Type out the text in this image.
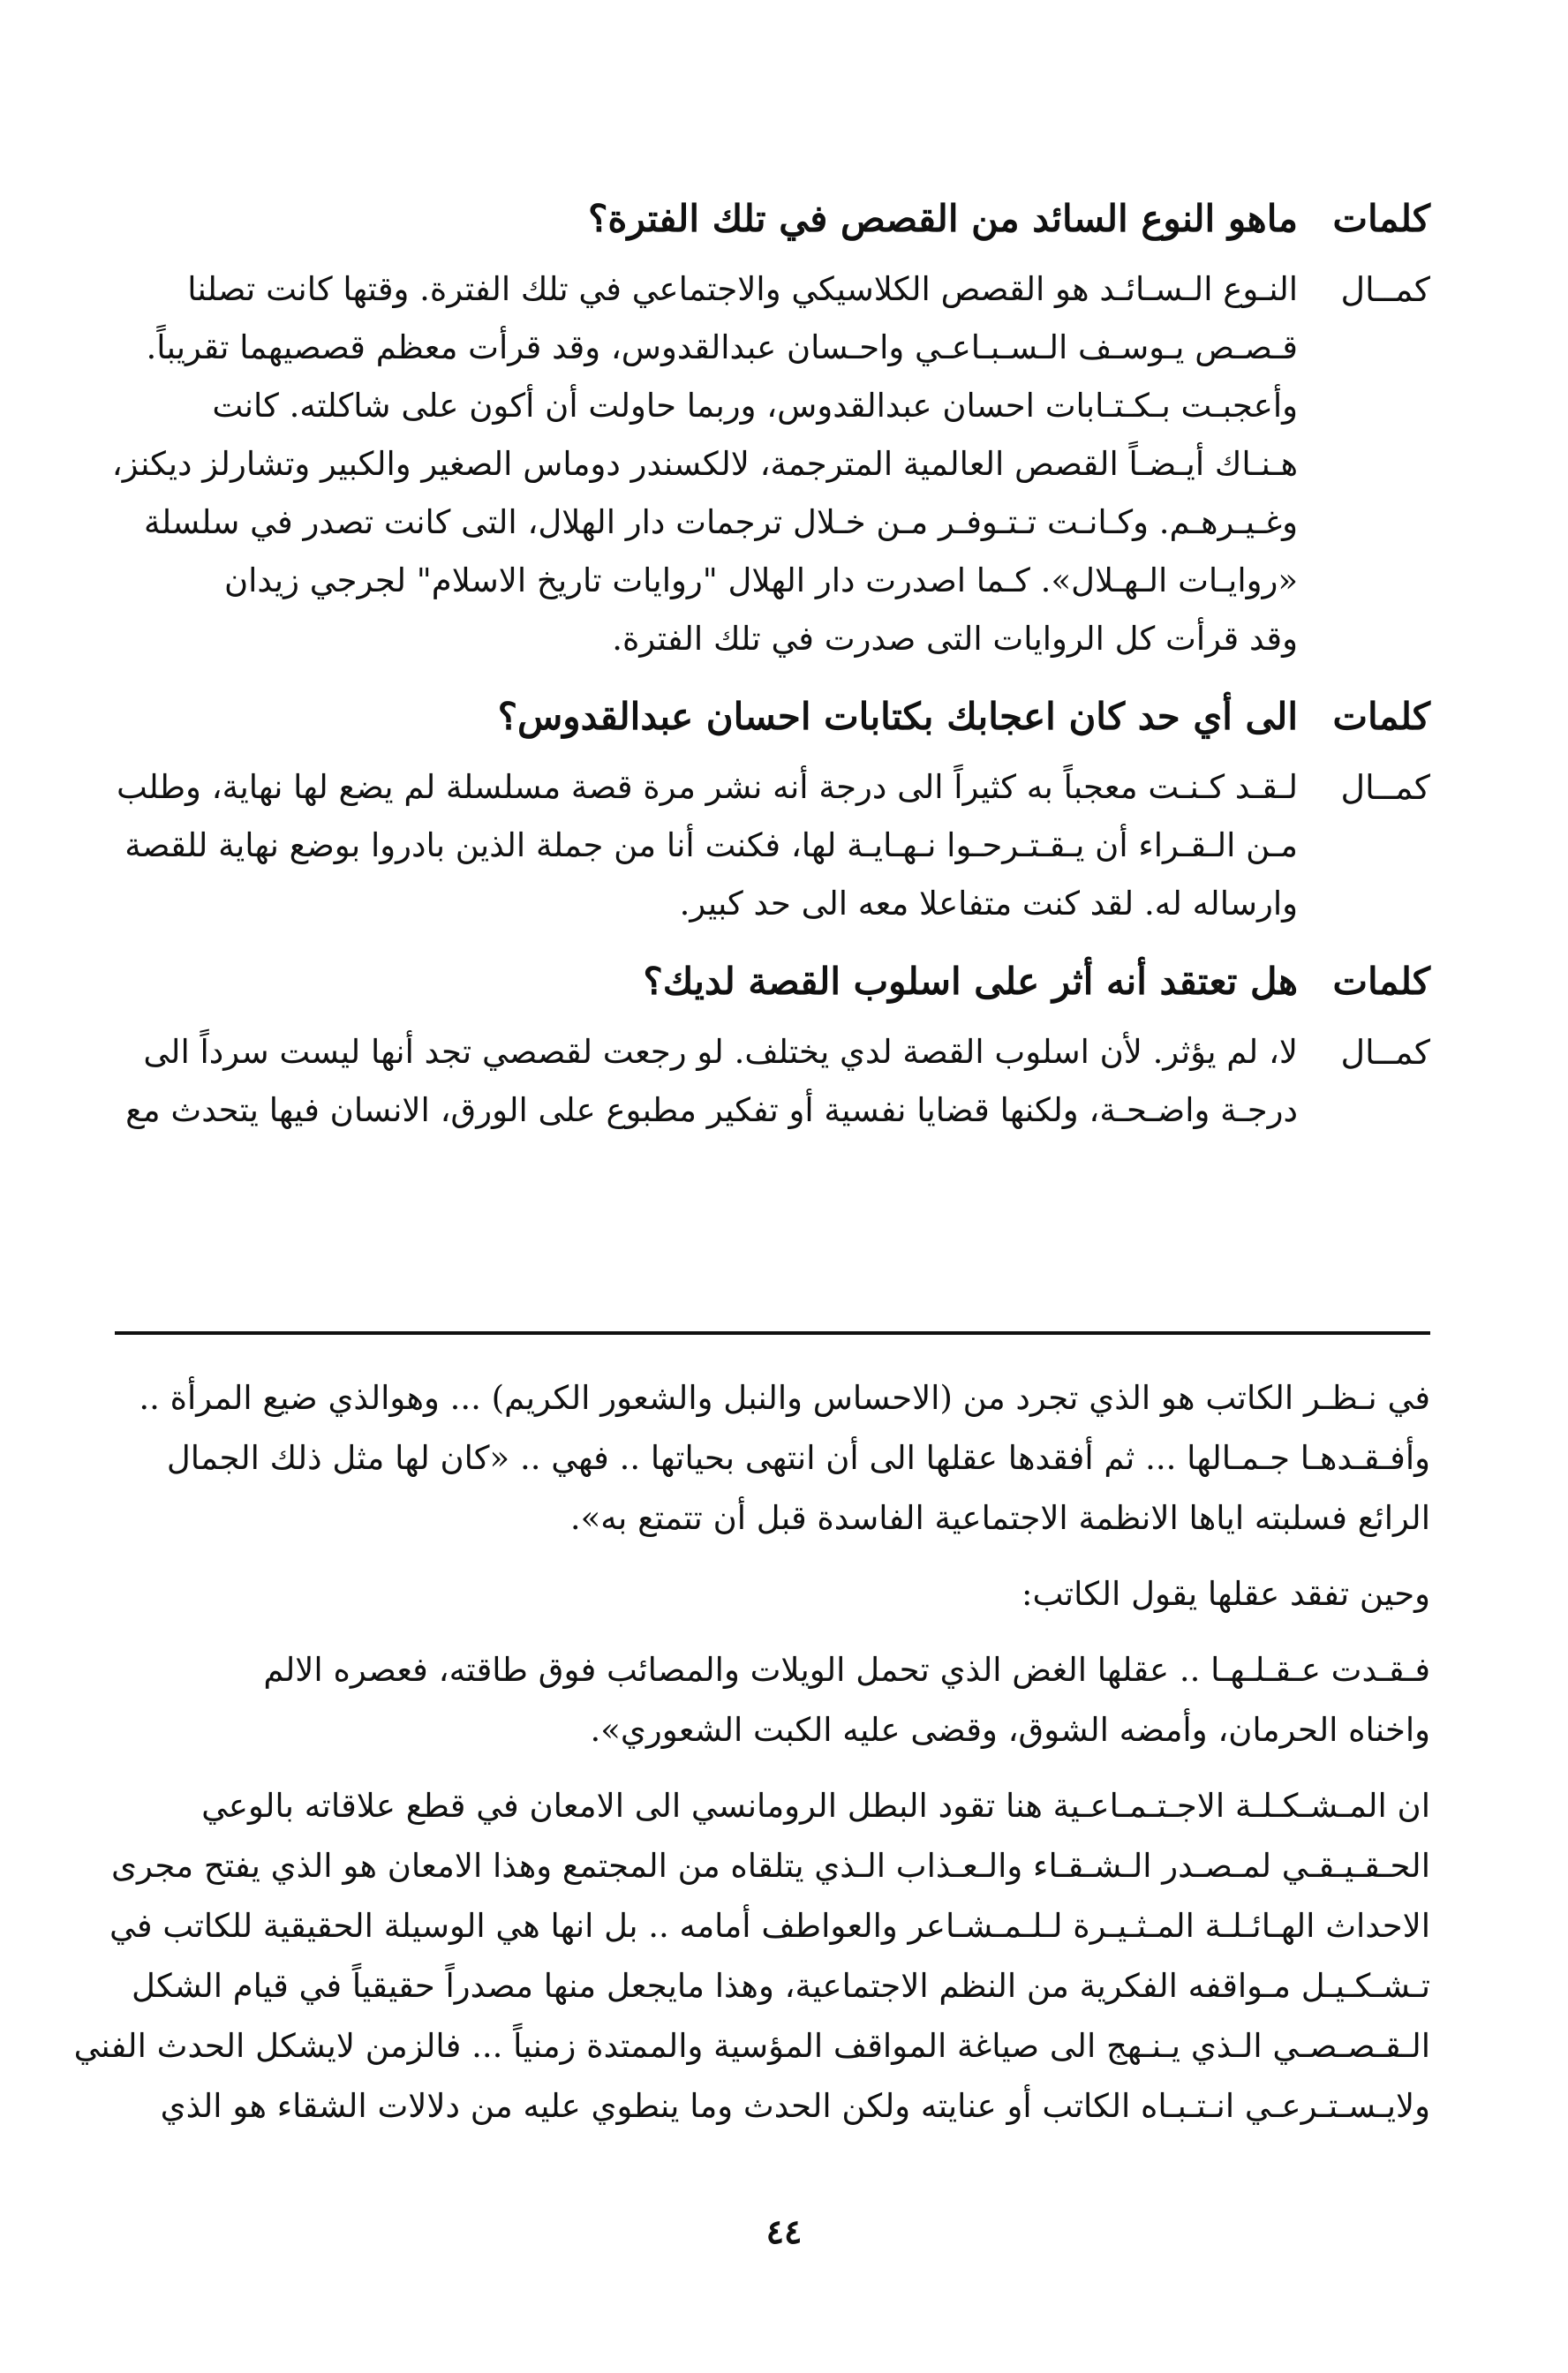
كلمات
ماهو النوع السائد من القصص في تلك الفترة؟
كمــال
النـوع الـسـائـد هو القصص الكلاسيكي والاجتماعي في تلك الفترة. وقتها كانت تصلنا
قـصـص يـوسـف الـسـبـاعـي واحـسان عبدالقدوس، وقد قرأت معظم قصصيهما تقريباً.
وأعجبـت بـكـتـابات احسان عبدالقدوس، وربما حاولت أن أكون على شاكلته. كانت
هـنـاك أيـضـاً القصص العالمية المترجمة، لالكسندر دوماس الصغير والكبير وتشارلز ديكنز،
وغـيـرهـم. وكـانـت تـتـوفـر مـن خـلال ترجمات دار الهلال، التى كانت تصدر في سلسلة
«روايـات الـهـلال». كـما اصدرت دار الهلال "روايات تاريخ الاسلام" لجرجي زيدان
وقد قرأت كل الروايات التى صدرت في تلك الفترة.
كلمات
الى أي حد كان اعجابك بكتابات احسان عبدالقدوس؟
كمــال
لـقـد كـنـت معجباً به كثيراً الى درجة أنه نشر مرة قصة مسلسلة لم يضع لها نهاية، وطلب
مـن الـقـراء أن يـقـتـرحـوا نـهـايـة لها، فكنت أنا من جملة الذين بادروا بوضع نهاية للقصة
وارساله له. لقد كنت متفاعلا معه الى حد كبير.
كلمات
هل تعتقد أنه أثر على اسلوب القصة لديك؟
كمــال
لا، لم يؤثر. لأن اسلوب القصة لدي يختلف. لو رجعت لقصصي تجد أنها ليست سرداً الى
درجـة واضـحـة، ولكنها قضايا نفسية أو تفكير مطبوع على الورق، الانسان فيها يتحدث مع
في نـظـر الكاتب هو الذي تجرد من (الاحساس والنبل والشعور الكريم) ... وهوالذي ضيع المرأة ..
وأفـقـدهـا جـمـالها ... ثم أفقدها عقلها الى أن انتهى بحياتها .. فهي .. «كان لها مثل ذلك الجمال
الرائع فسلبته اياها الانظمة الاجتماعية الفاسدة قبل أن تتمتع به».
وحين تفقد عقلها يقول الكاتب:
فـقـدت عـقـلـهـا .. عقلها الغض الذي تحمل الويلات والمصائب فوق طاقته، فعصره الالم
واخناه الحرمان، وأمضه الشوق، وقضى عليه الكبت الشعوري».
ان المـشـكـلـة الاجـتـمـاعـية هنا تقود البطل الرومانسي الى الامعان في قطع علاقاته بالوعي
الحـقـيـقـي لمـصـدر الـشـقـاء والـعـذاب الـذي يتلقاه من المجتمع وهذا الامعان هو الذي يفتح مجرى
الاحداث الهـائـلـة المـثـيـرة لـلـمـشـاعر والعواطف أمامه .. بل انها هي الوسيلة الحقيقية للكاتب في
تـشـكـيـل مـواقفه الفكرية من النظم الاجتماعية، وهذا مايجعل منها مصدراً حقيقياً في قيام الشكل
الـقـصـصـي الـذي يـنـهج الى صياغة المواقف المؤسية والممتدة زمنياً ... فالزمن لايشكل الحدث الفني
ولايـسـتـرعـي انـتـبـاه الكاتب أو عنايته ولكن الحدث وما ينطوي عليه من دلالات الشقاء هو الذي
٤٤
